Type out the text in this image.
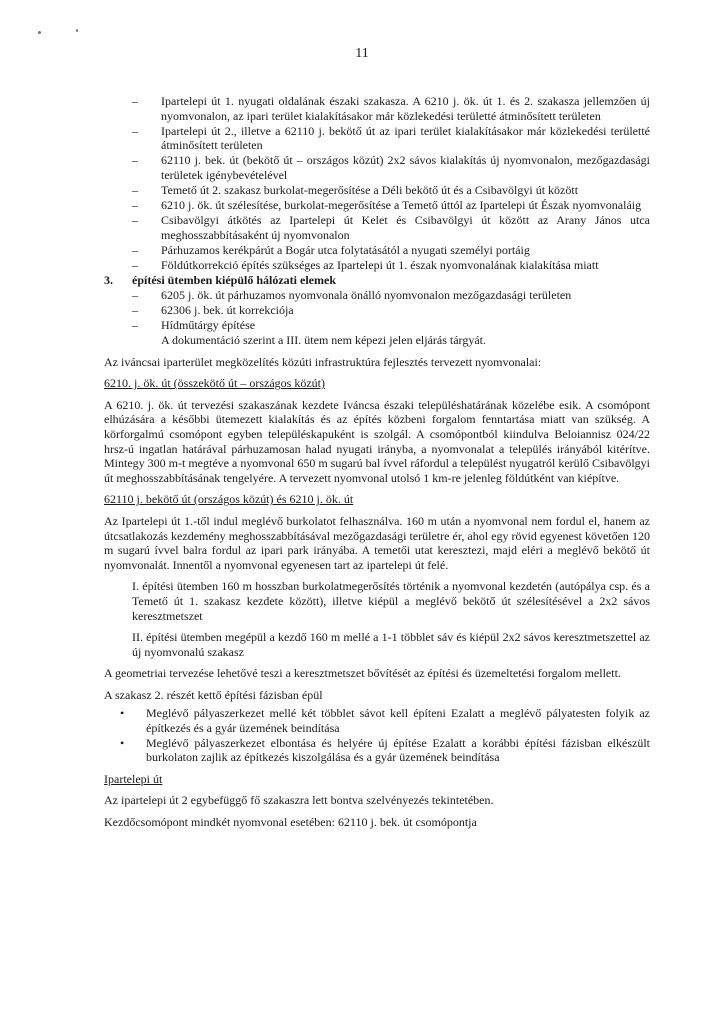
11
– Ipartelepi út 1. nyugati oldalának északi szakasza. A 6210 j. ök. út 1. és 2. szakasza jellemzően új nyomvonalon, az ipari terület kialakításakor már közlekedési területté átminősített területen
– Ipartelepi út 2., illetve a 62110 j. bekötő út az ipari terület kialakításakor már közlekedési területté átminősített területen
– 62110 j. bek. út (bekötő út – országos közút) 2x2 sávos kialakítás új nyomvonalon, mezőgazdasági területek igénybevételével
– Temető út 2. szakasz burkolat-megerősítése a Déli bekötő út és a Csibavölgyi út között
– 6210 j. ök. út szélesítése, burkolat-megerősítése a Temető úttól az Ipartelepi út Észak nyomvonaláig
– Csibavölgyi átkötés az Ipartelepi út Kelet és Csibavölgyi út között az Arany János utca meghosszabbításaként új nyomvonalon
– Párhuzamos kerékpárút a Bogár utca folytatásától a nyugati személyi portáig
– Földútkorrekció építés szükséges az Ipartelepi út 1. észak nyomvonalának kialakítása miatt

3. építési ütemben kiépülő hálózati elemek

– 6205 j. ök. út párhuzamos nyomvonala önálló nyomvonalon mezőgazdasági területen
– 62306 j. bek. út korrekciója
– Hídműtárgy építése

A dokumentáció szerint a III. ütem nem képezi jelen eljárás tárgyát.

Az iváncsai iparterület megközelítés közúti infrastruktúra fejlesztés tervezett nyomvonalai:

6210. j. ök. út (összekötő út – országos közút)

A 6210. j. ök. út tervezési szakaszának kezdete Iváncsa északi településhatárának közelébe esik. A csomópont elhúzására a későbbi ütemezett kialakítás és az építés közbeni forgalom fenntartása miatt van szükség. A körforgalmú csomópont egyben településkapuként is szolgál. A csomópontból kiindulva Beloiannisz 024/22 hrsz-ú ingatlan határával párhuzamosan halad nyugati irányba, a nyomvonalat a település irányából kitérítve. Mintegy 300 m-t megtéve a nyomvonal 650 m sugarú bal ívvel ráfordul a települést nyugatról kerülő Csibavölgyi út meghosszabbításának tengelyére. A tervezett nyomvonal utolsó 1 km-re jelenleg földútként van kiépítve.

62110 j. bekötő út (országos közút) és 6210 j. ök. út

Az Ipartelepi út 1.-től indul meglévő burkolatot felhasználva. 160 m után a nyomvonal nem fordul el, hanem az útcsatlakozás kezdemény meghosszabbításával mezőgazdasági területre ér, ahol egy rövid egyenest követően 120 m sugarú ívvel balra fordul az ipari park irányába. A temetői utat keresztezi, majd eléri a meglévő bekötő út nyomvonalát. Innentől a nyomvonal egyenesen tart az ipartelepi út felé.

I. építési ütemben 160 m hosszban burkolatmegerősítés történik a nyomvonal kezdetén (autópálya csp. és a Temető út 1. szakasz kezdete között), illetve kiépül a meglévő bekötő út szélesítésével a 2x2 sávos keresztmetszet

II. építési ütemben megépül a kezdő 160 m mellé a 1-1 többlet sáv és kiépül 2x2 sávos keresztmetszettel az új nyomvonalú szakasz

A geometriai tervezése lehetővé teszi a keresztmetszet bővítését az építési és üzemeltetési forgalom mellett.

A szakasz 2. részét kettő építési fázisban épül

• Meglévő pályaszerkezet mellé két többlet sávot kell építeni Ezalatt a meglévő pályatesten folyik az építkezés és a gyár üzemének beindítása
• Meglévő pályaszerkezet elbontása és helyére új építése Ezalatt a korábbi építési fázisban elkészült burkolaton zajlik az építkezés kiszolgálása és a gyár üzemének beindítása

Ipartelepi út

Az ipartelepi út 2 egybefüggő fő szakaszra lett bontva szelvényezés tekintetében.

Kezdőcsomópont mindkét nyomvonal esetében: 62110 j. bek. út csomópontja
